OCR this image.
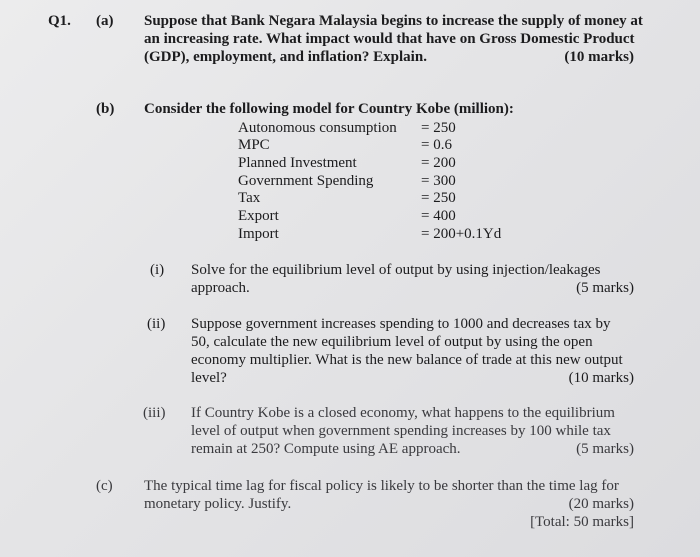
Q1. (a) Suppose that Bank Negara Malaysia begins to increase the supply of money at
an increasing rate. What impact would that have on Gross Domestic Product
(GDP), employment, and inflation? Explain.	(10 marks)
(b) Consider the following model for Country Kobe (million):
Autonomous consumption = 250
MPC	= 0.6
Planned Investment	= 200
Government Spending	= 300
Tax	= 250
Export	= 400
Import	= 200+0.1Yd
(i) Solve for the equilibrium level of output by using injection/leakages
approach.	(5 marks)
(ii) Suppose government increases spending to 1000 and decreases tax by
50, calculate the new equilibrium level of output by using the open
economy multiplier. What is the new balance of trade at this new output
level?	(10 marks)
(iii) If Country Kobe is a closed economy, what happens to the equilibrium
level of output when government spending increases by 100 while tax
remain at 250? Compute using AE approach.	(5 marks)
(c) The typical time lag for fiscal policy is likely to be shorter than the time lag for
monetary policy. Justify.	(20 marks)
[Total: 50 marks]
